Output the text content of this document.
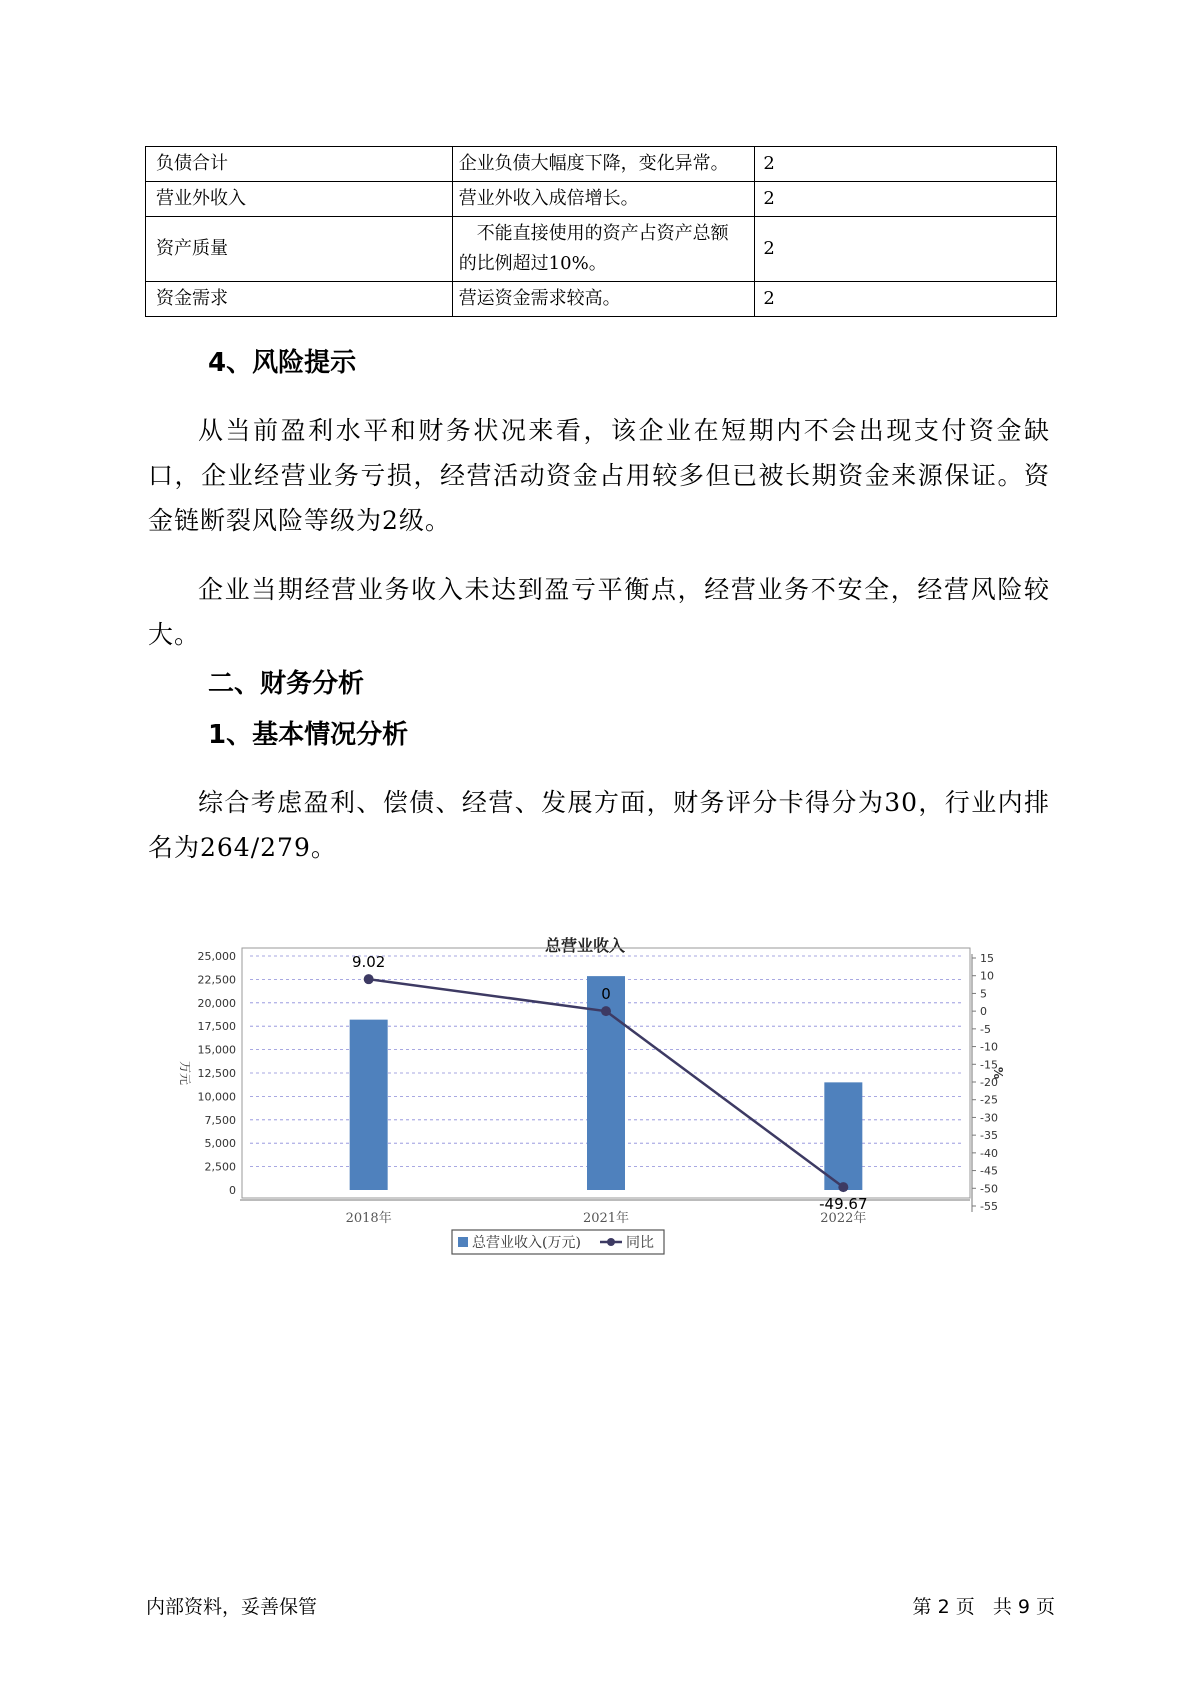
负债合计	企业负债大幅度下降，变化异常。	2
营业外收入	营业外收入成倍增长。	2
资产质量	不能直接使用的资产占资产总额的比例超过10%。	2
资金需求	营运资金需求较高。	2
4、风险提示

从当前盈利水平和财务状况来看，该企业在短期内不会出现支付资金缺口，企业经营业务亏损，经营活动资金占用较多但已被长期资金来源保证。资金链断裂风险等级为2级。

企业当期经营业务收入未达到盈亏平衡点，经营业务不安全，经营风险较大。

二、财务分析
1、基本情况分析

综合考虑盈利、偿债、经营、发展方面，财务评分卡得分为30，行业内排名为264/279。

总营业收入
0
2,500
5,000
7,500
10,000
12,500
15,000
17,500
20,000
22,500
25,000	15
10
5
0
-5
-10
-15
-20
-25
-30
-35
-40
-45
-50
-55
万元	%
2018年	2021年	2022年
9.02
0
-49.67
总营业收入(万元)	同比

内部资料，妥善保管	第 2 页   共 9 页
